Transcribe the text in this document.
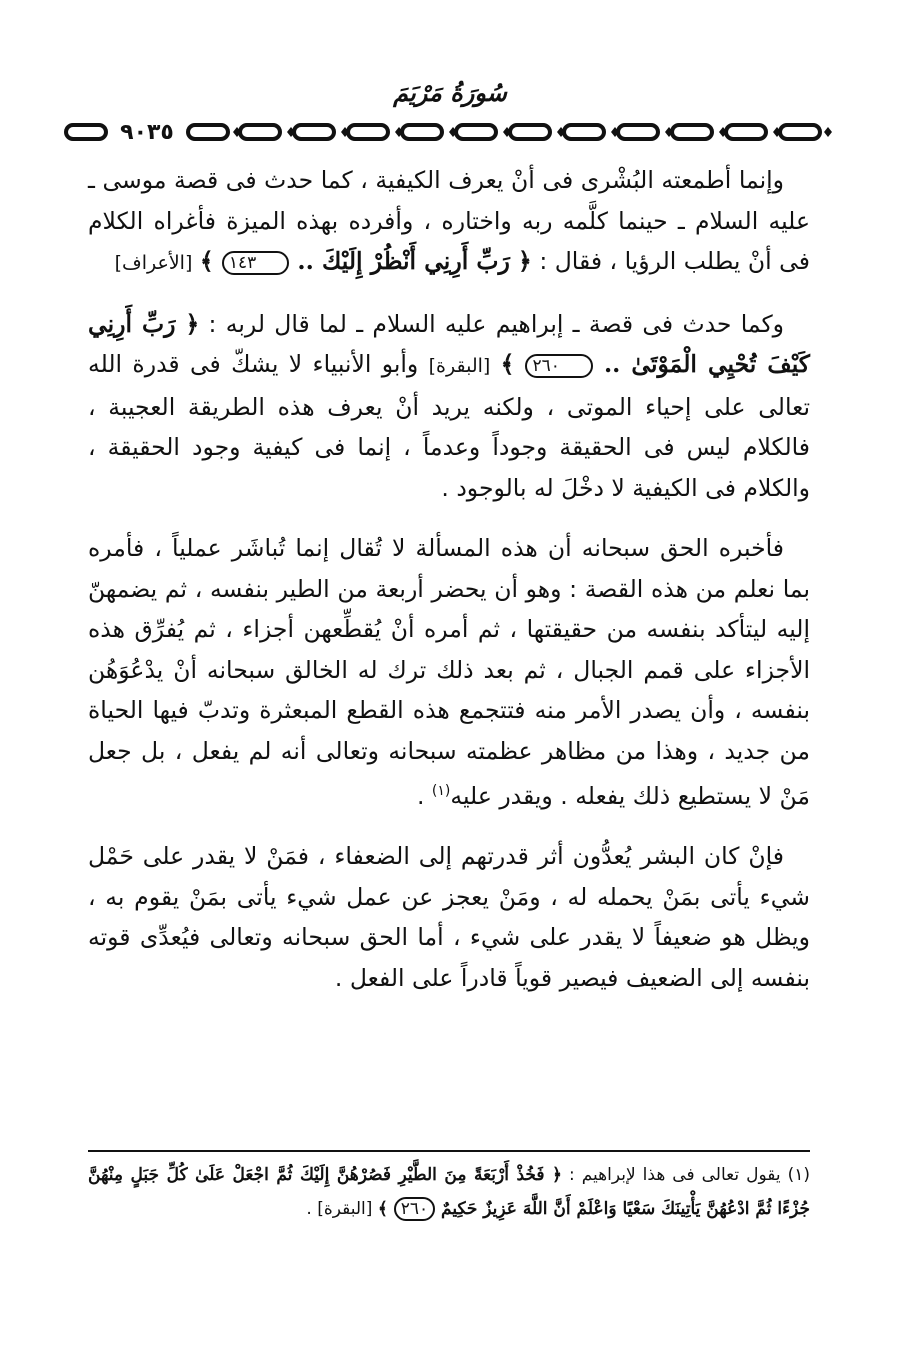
سُورَةُ مَرْيَمَ
٩٠٣٥

وإنما أطمعته البُشْرى فى أنْ يعرف الكيفية ، كما حدث فى قصة موسى ـ عليه السلام ـ حينما كلَّمه ربه واختاره ، وأفرده بهذه الميزة فأغراه الكلام فى أنْ يطلب الرؤيا ، فقال : ﴿ رَبِّ أَرِنِي أَنْظُرْ إِلَيْكَ .. ١٤٣ ﴾ [الأعراف]

وكما حدث فى قصة ـ إبراهيم عليه السلام ـ لما قال لربه : ﴿ رَبِّ أَرِنِي كَيْفَ تُحْيِي الْمَوْتَىٰ .. ٢٦٠ ﴾ [البقرة] وأبو الأنبياء لا يشكّ فى قدرة الله تعالى على إحياء الموتى ، ولكنه يريد أنْ يعرف هذه الطريقة العجيبة ، فالكلام ليس فى الحقيقة وجوداً وعدماً ، إنما فى كيفية وجود الحقيقة ، والكلام فى الكيفية لا دخْلَ له بالوجود .

فأخبره الحق سبحانه أن هذه المسألة لا تُقال إنما تُباشَر عملياً ، فأمره بما نعلم من هذه القصة : وهو أن يحضر أربعة من الطير بنفسه ، ثم يضمهنّ إليه ليتأكد بنفسه من حقيقتها ، ثم أمره أنْ يُقطِّعهن أجزاء ، ثم يُفرِّق هذه الأجزاء على قمم الجبال ، ثم بعد ذلك ترك له الخالق سبحانه أنْ يدْعُوَهُن بنفسه ، وأن يصدر الأمر منه فتتجمع هذه القطع المبعثرة وتدبّ فيها الحياة من جديد ، وهذا من مظاهر عظمته سبحانه وتعالى أنه لم يفعل ، بل جعل مَنْ لا يستطيع ذلك يفعله . ويقدر عليه$^{(١)}$ .

فإنْ كان البشر يُعدُّون أثر قدرتهم إلى الضعفاء ، فمَنْ لا يقدر على حَمْل شيء يأتى بمَنْ يحمله له ، ومَنْ يعجز عن عمل شيء يأتى بمَنْ يقوم به ، ويظل هو ضعيفاً لا يقدر على شيء ، أما الحق سبحانه وتعالى فيُعدِّى قوته بنفسه إلى الضعيف فيصير قوياً قادراً على الفعل .

(١) يقول تعالى فى هذا لإبراهيم : ﴿ فَخُذْ أَرْبَعَةً مِنَ الطَّيْرِ فَصُرْهُنَّ إِلَيْكَ ثُمَّ اجْعَلْ عَلَىٰ كُلِّ جَبَلٍ مِنْهُنَّ جُزْءًا ثُمَّ ادْعُهُنَّ يَأْتِينَكَ سَعْيًا وَاعْلَمْ أَنَّ اللَّهَ عَزِيزٌ حَكِيمٌ ٢٦٠ ﴾ [البقرة] .
